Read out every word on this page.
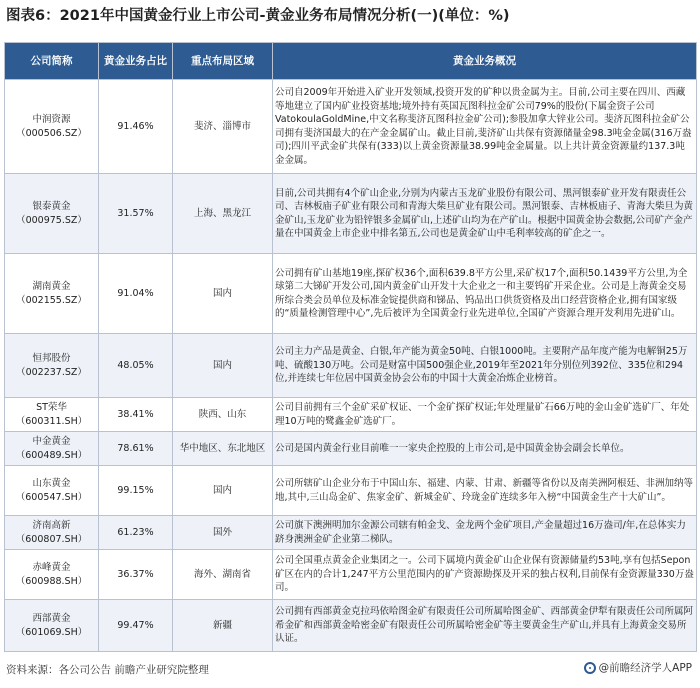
图表6：2021年中国黄金行业上市公司-黄金业务布局情况分析(一)(单位：%)
公司简称	黄金业务占比	重点布局区域	黄金业务概况

中润资源
（000506.SZ）	91.46%	斐济、淄博市	公司自2009年开始进入矿业开发领域,投资开发的矿种以贵金属为主。目前,公司主要在四川、西藏等地建立了国内矿业投资基地;境外持有英国瓦图科拉金矿公司79%的股份(下属金资子公司VatokoulaGoldMine,中文名称斐济瓦图科拉金矿公司);参股加拿大锌业公司。斐济瓦图科拉金矿公司拥有斐济国最大的在产金金属矿山。截止目前,斐济矿山共保有资源储量金98.3吨金金属(316万盎司);四川平武金矿共保有(333)以上黄金资源量38.99吨金金属量。以上共计黄金资源量约137.3吨金金属。

银泰黄金
（000975.SZ）	31.57%	上海、黑龙江	目前,公司共拥有4个矿山企业,分别为内蒙古玉龙矿业股份有限公司、黑河银泰矿业开发有限责任公司、吉林板庙子矿业有限公司和青海大柴旦矿业有限公司。黑河银泰、吉林板庙子、青海大柴旦为黄金矿山,玉龙矿业为铅锌银多金属矿山,上述矿山均为在产矿山。根据中国黄金协会数据,公司矿产金产量在中国黄金上市企业中排名第五,公司也是黄金矿山中毛利率较高的矿企之一。

湖南黄金
（002155.SZ）	91.04%	国内	公司拥有矿山基地19座,探矿权36个,面积639.8平方公里,采矿权17个,面积50.1439平方公里,为全球第二大锑矿开发公司,国内黄金矿山开发十大企业之一和主要钨矿开采企业。公司是上海黄金交易所综合类会员单位及标准金锭提供商和锑品、钨品出口供货资格及出口经营资格企业,拥有国家级的“质量检测管理中心”,先后被评为全国黄金行业先进单位,全国矿产资源合理开发利用先进矿山。

恒邦股份
（002237.SZ）	48.05%	国内	公司主力产品是黄金、白银,年产能为黄金50吨、白银1000吨。主要附产品年度产能为电解铜25万吨、硫酸130万吨。公司是财富中国500强企业,2019年至2021年分别位列392位、335位和294位,并连续七年位居中国黄金协会公布的中国十大黄金冶炼企业榜首。

ST荣华
（600311.SH）	38.41%	陕西、山东	公司目前拥有三个金矿采矿权证、一个金矿探矿权证;年处理量矿石66万吨的金山金矿选矿厂、年处理10万吨的鹭鑫金矿选矿厂。

中金黄金
（600489.SH）	78.61%	华中地区、东北地区	公司是国内黄金行业目前唯一一家央企控股的上市公司,是中国黄金协会副会长单位。

山东黄金
（600547.SH）	99.15%	国内	公司所辖矿山企业分布于中国山东、福建、内蒙、甘肃、新疆等省份以及南美洲阿根廷、非洲加纳等地,其中,三山岛金矿、焦家金矿、新城金矿、玲珑金矿连续多年入榜“中国黄金生产十大矿山”。

济南高新
（600807.SH）	61.23%	国外	公司旗下澳洲明加尔金源公司辖有帕金戈、金龙两个金矿项目,产金量超过16万盎司/年,在总体实力跻身澳洲金矿企业第二梯队。

赤峰黄金
（600988.SH）	36.37%	海外、湖南省	公司全国重点黄金企业集团之一。公司下属境内黄金矿山企业保有资源储量约53吨,享有包括Sepon矿区在内的合计1,247平方公里范围内的矿产资源勘探及开采的独占权利,目前保有金资源量330万盎司。

西部黄金
（601069.SH）	99.47%	新疆	公司拥有西部黄金克拉玛依哈图金矿有限责任公司所属哈图金矿、西部黄金伊犁有限责任公司所属阿希金矿和西部黄金哈密金矿有限责任公司所属哈密金矿等主要黄金生产矿山,并具有上海黄金交易所认证。
资料来源：各公司公告 前瞻产业研究院整理	@前瞻经济学人APP
